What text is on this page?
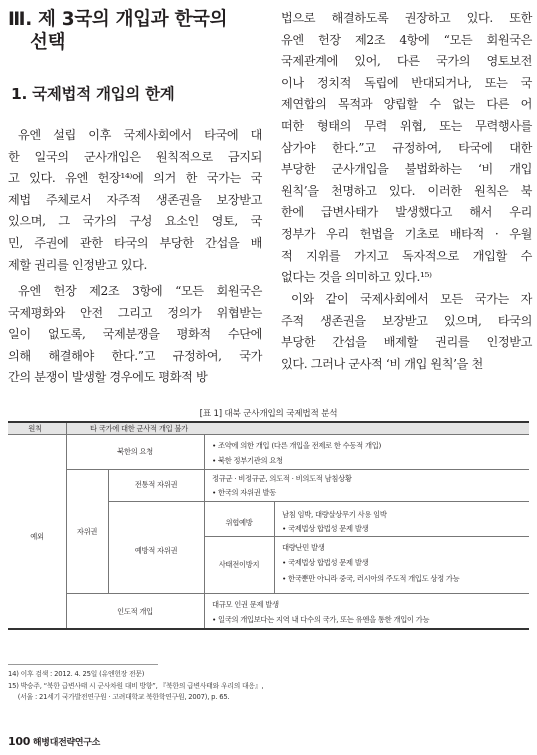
Ⅲ. 제 3국의 개입과 한국의
선택
1. 국제법적 개입의 한계

유엔 설립 이후 국제사회에서 타국에 대

한 일국의 군사개입은 원칙적으로 금지되

고 있다. 유엔 헌장¹⁴⁾에 의거 한 국가는 국

제법 주체로서 자주적 생존권을 보장받고

있으며, 그 국가의 구성 요소인 영토, 국

민, 주권에 관한 타국의 부당한 간섭을 배

제할 권리를 인정받고 있다.

유엔 헌장 제2조 3항에 “모든 회원국은

국제평화와 안전 그리고 정의가 위협받는

일이 없도록, 국제분쟁을 평화적 수단에

의해 해결해야 한다.”고 규정하여, 국가

간의 분쟁이 발생할 경우에도 평화적 방

법으로 해결하도록 권장하고 있다. 또한

유엔 헌장 제2조 4항에 “모든 회원국은

국제관계에 있어, 다른 국가의 영토보전

이나 정치적 독립에 반대되거나, 또는 국

제연합의 목적과 양립할 수 없는 다른 어

떠한 형태의 무력 위협, 또는 무력행사를

삼가야 한다.”고 규정하여, 타국에 대한

부당한 군사개입을 불법화하는 ‘비 개입

원칙’을 천명하고 있다. 이러한 원칙은 북

한에 급변사태가 발생했다고 해서 우리

정부가 우리 헌법을 기초로 배타적 · 우월

적 지위를 가지고 독자적으로 개입할 수

없다는 것을 의미하고 있다.¹⁵⁾

이와 같이 국제사회에서 모든 국가는 자

주적 생존권을 보장받고 있으며, 타국의

부당한 간섭을 배제할 권리를 인정받고

있다. 그러나 군사적 ‘비 개입 원칙’을 천

[표 1] 대북 군사개입의 국제법적 분석
원칙	타 국가에 대한 군사적 개입 불가
예외
북한의 요청
• 조약에 의한 개입 (다른 개입을 전제로 한 수동적 개입)
• 북한 정부기관의 요청
자위권
전통적 자위권
정규군 · 비정규군, 의도적 · 비의도적 남침상황
• 한국의 자위권 발동
예방적 자위권
위협예방
남침 임박, 대량살상무기 사용 임박
• 국제법상 합법성 문제 발생
사태전이방지
대량난민 발생
• 국제법상 합법성 문제 발생
• 한국뿐만 아니라 중국, 러시아의 주도적 개입도 상정 가능
인도적 개입
대규모 인권 문제 발생
• 일국의 개입보다는 지역 내 다수의 국가, 또는 유엔을 통한 개입이 가능
14) 이후 검색 : 2012. 4. 25일 (유엔헌장 전문)
15) 박승주, “북한 급변사태 시 군사차원 대비 방향”, 『북한의 급변사태와 우리의 대응』,
(서울 : 21세기 국가발전연구원 · 고려대학교 북한학연구원, 2007), p. 65.
100 해병대전략연구소
